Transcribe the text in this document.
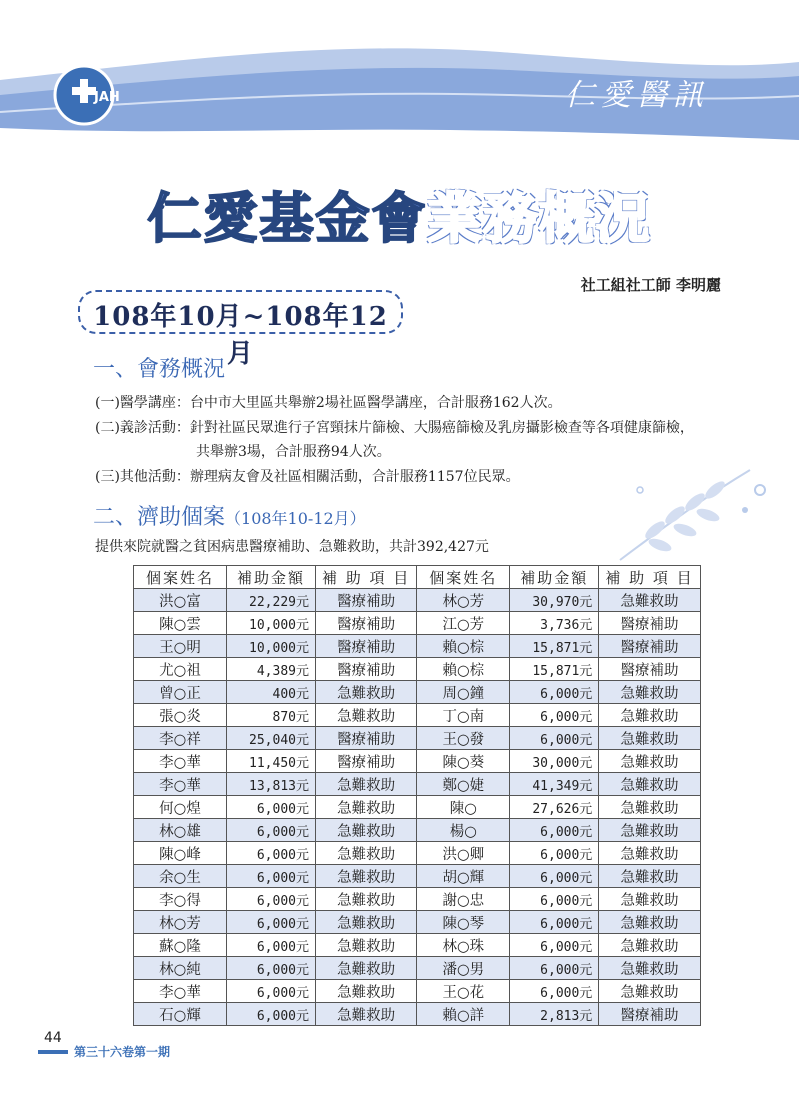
JAH	仁愛醫訊
仁愛基金會業務概況
社工組社工師 李明麗
108年10月~108年12月
一、會務概況
(一)醫學講座：台中市大里區共舉辦2場社區醫學講座，合計服務162人次。
(二)義診活動：針對社區民眾進行子宮頸抹片篩檢、大腸癌篩檢及乳房攝影檢查等各項健康篩檢，
共舉辦3場，合計服務94人次。
(三)其他活動：辦理病友會及社區相關活動，合計服務1157位民眾。
二、濟助個案（108年10-12月）
提供來院就醫之貧困病患醫療補助、急難救助，共計392,427元
個案姓名	補助金額	補 助 項 目	個案姓名	補助金額	補 助 項 目
洪○富	22,229元	醫療補助	林○芳	30,970元	急難救助
陳○雲	10,000元	醫療補助	江○芳	3,736元	醫療補助
王○明	10,000元	醫療補助	賴○棕	15,871元	醫療補助
尤○祖	4,389元	醫療補助	賴○棕	15,871元	醫療補助
曾○正	400元	急難救助	周○鐘	6,000元	急難救助
張○炎	870元	急難救助	丁○南	6,000元	急難救助
李○祥	25,040元	醫療補助	王○發	6,000元	急難救助
李○華	11,450元	醫療補助	陳○葵	30,000元	急難救助
李○華	13,813元	急難救助	鄭○婕	41,349元	急難救助
何○煌	6,000元	急難救助	陳○	27,626元	急難救助
林○雄	6,000元	急難救助	楊○	6,000元	急難救助
陳○峰	6,000元	急難救助	洪○卿	6,000元	急難救助
余○生	6,000元	急難救助	胡○輝	6,000元	急難救助
李○得	6,000元	急難救助	謝○忠	6,000元	急難救助
林○芳	6,000元	急難救助	陳○琴	6,000元	急難救助
蘇○隆	6,000元	急難救助	林○珠	6,000元	急難救助
林○純	6,000元	急難救助	潘○男	6,000元	急難救助
李○華	6,000元	急難救助	王○花	6,000元	急難救助
石○輝	6,000元	急難救助	賴○詳	2,813元	醫療補助
44
第三十六卷第一期
